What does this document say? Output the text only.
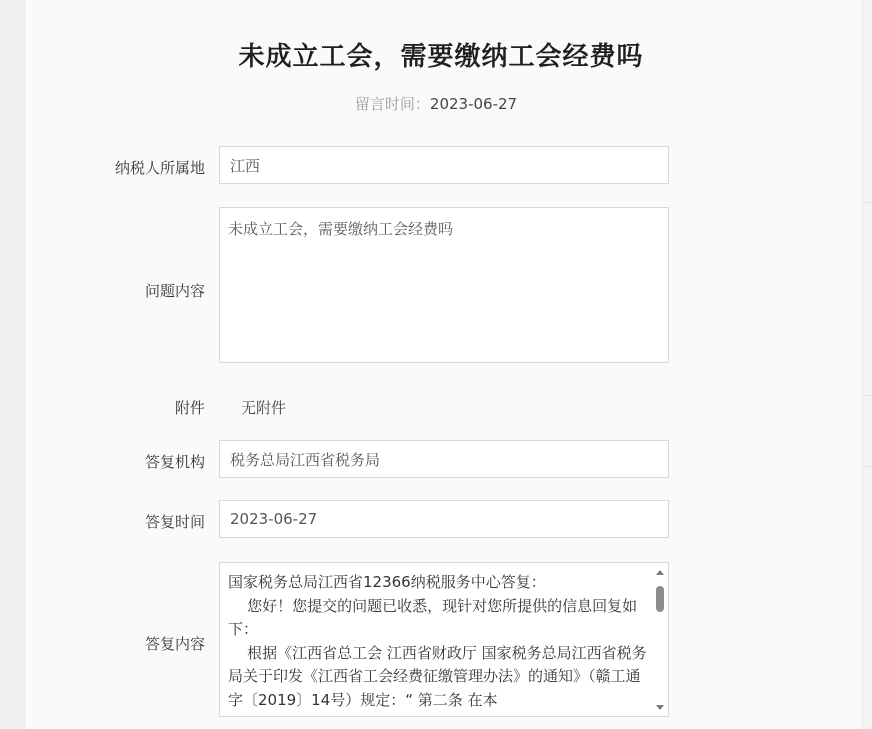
未成立工会，需要缴纳工会经费吗
留言时间：2023-06-27
纳税人所属地 江西
问题内容
未成立工会，需要缴纳工会经费吗
附件 无附件
答复机构 税务总局江西省税务局
答复时间 2023-06-27
答复内容

国家税务总局江西省12366纳税服务中心答复：

您好！您提交的问题已收悉，现针对您所提供的信息回复如下：

根据《江西省总工会 江西省财政厅 国家税务总局江西省税务局关于印发《江西省工会经费征缴管理办法》的通知》（赣工通字〔2019〕14号）规定：“ 第二条 在本
